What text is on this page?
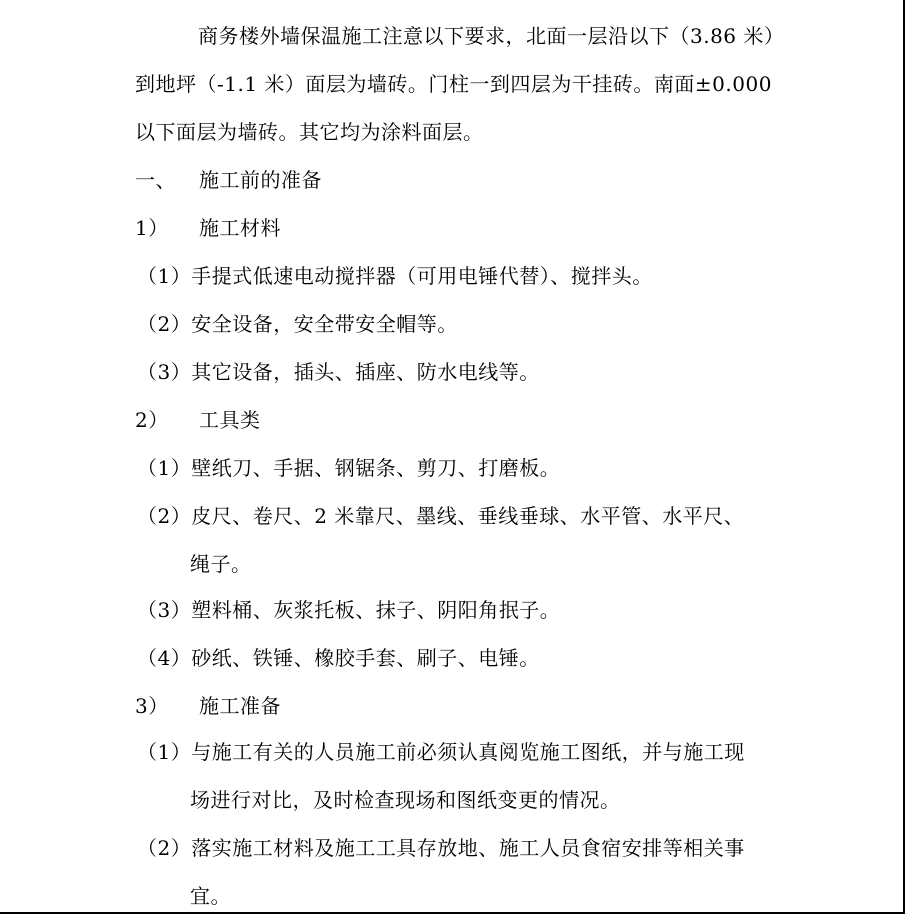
商务楼外墙保温施工注意以下要求，北面一层沿以下（3.86 米）
到地坪（-1.1 米）面层为墙砖。门柱一到四层为干挂砖。南面±0.000
以下面层为墙砖。其它均为涂料面层。
一、 施工前的准备
1） 施工材料
（1）手提式低速电动搅拌器（可用电锤代替）、搅拌头。
（2）安全设备，安全带安全帽等。
（3）其它设备，插头、插座、防水电线等。
2） 工具类
（1）壁纸刀、手据、钢锯条、剪刀、打磨板。
（2）皮尺、卷尺、2 米靠尺、墨线、垂线垂球、水平管、水平尺、
绳子。
（3）塑料桶、灰浆托板、抹子、阴阳角抿子。
（4）砂纸、铁锤、橡胶手套、刷子、电锤。
3） 施工准备
（1）与施工有关的人员施工前必须认真阅览施工图纸，并与施工现
场进行对比，及时检查现场和图纸变更的情况。
（2）落实施工材料及施工工具存放地、施工人员食宿安排等相关事
宜。
